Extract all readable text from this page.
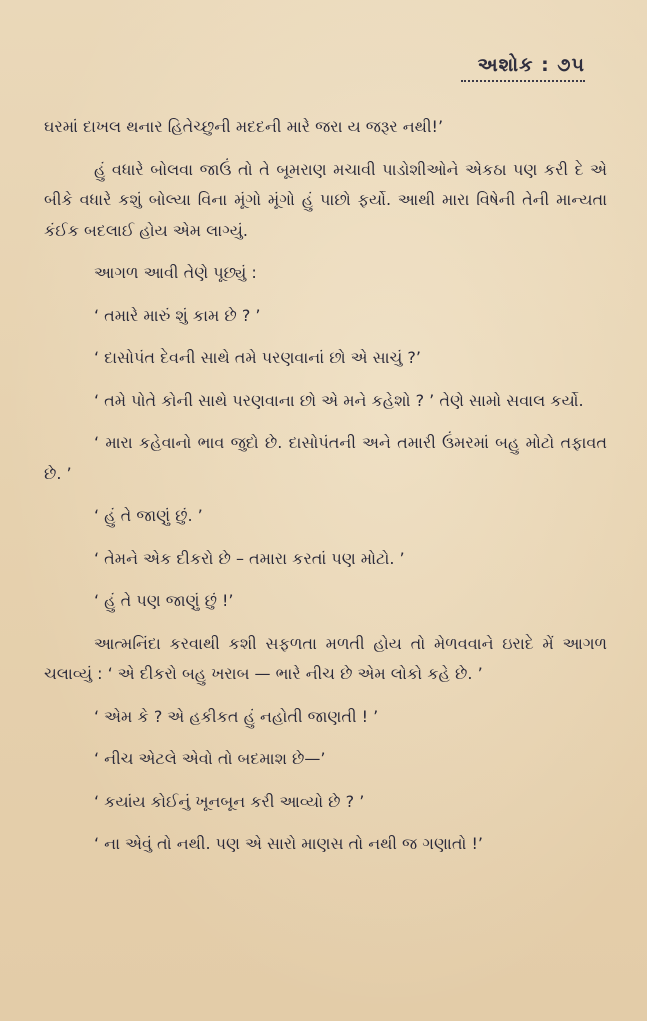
અશોક : ૭૫

ઘરમાં દાખલ થનાર હિતેચ્છુની મદદની મારે જરા ય જરૂર નથી!’

હું વધારે બોલવા જાઉં તો તે બૂમરાણ મચાવી પાડોશીઓને એકઠા પણ કરી દે એ બીકે વધારે કશું બોલ્યા વિના મૂંગો મૂંગો હું પાછો ફર્યો. આથી મારા વિષેની તેની માન્યતા કંઈક બદલાઈ હોય એમ લાગ્યું.

આગળ આવી તેણે પૂછ્યું :

‘ તમારે મારું શું કામ છે ? ’

‘ દાસોપંત દેવની સાથે તમે પરણવાનાં છો એ સાચું ?’

‘ તમે પોતે કોની સાથે પરણવાના છો એ મને કહેશો ? ’ તેણે સામો સવાલ કર્યો.

‘ મારા કહેવાનો ભાવ જુદો છે. દાસોપંતની અને તમારી ઉંમરમાં બહુ મોટો તફાવત છે. ’

‘ હું તે જાણું છું. ’

‘ તેમને એક દીકરો છે – તમારા કરતાં પણ મોટો. ’

‘ હું તે પણ જાણું છું !’

આત્મનિંદા કરવાથી કશી સફળતા મળતી હોય તો મેળવવાને ઇરાદે મેં આગળ ચલાવ્યું : ‘ એ દીકરો બહુ ખરાબ — ભારે નીચ છે એમ લોકો કહે છે. ’

‘ એમ કે ? એ હકીકત હું નહોતી જાણતી ! ’

‘ નીચ એટલે એવો તો બદમાશ છે—’

‘ કયાંય કોઈનું ખૂનબૂન કરી આવ્યો છે ? ’

‘ ના એવું તો નથી. પણ એ સારો માણસ તો નથી જ ગણાતો !’
